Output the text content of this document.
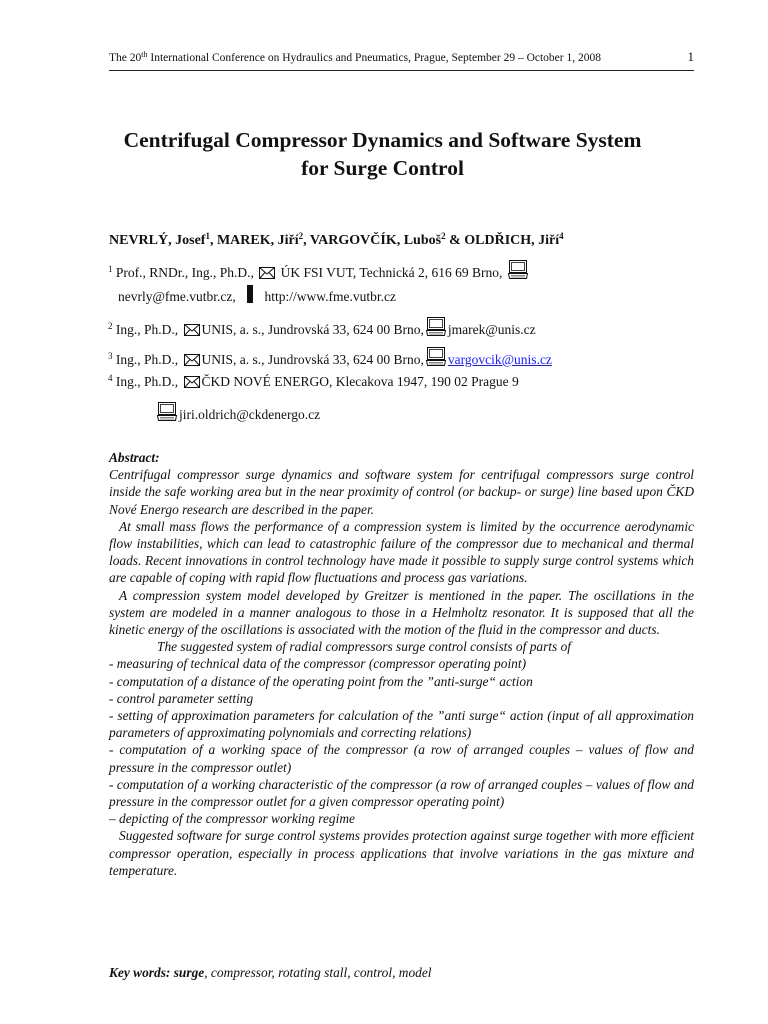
The 20th International Conference on Hydraulics and Pneumatics, Prague, September 29 – October 1, 2008	1
Centrifugal Compressor Dynamics and Software System
for Surge Control
NEVRLÝ, Josef$^1$, MAREK, Jiří$^2$, VARGOVČÍK, Luboš$^2$ & OLDŘICH, Jiří$^4$
$^1$ Prof., RNDr., Ing., Ph.D., ÚK FSI VUT, Technická 2, 616 69 Brno,
nevrly@fme.vutbr.cz, http://www.fme.vutbr.cz
$^2$ Ing., Ph.D., UNIS, a. s., Jundrovská 33, 624 00 Brno, jmarek@unis.cz
$^3$ Ing., Ph.D., UNIS, a. s., Jundrovská 33, 624 00 Brno, vargovcik@unis.cz
$^4$ Ing., Ph.D., ČKD NOVÉ ENERGO, Klecakova 1947, 190 02 Prague 9
jiri.oldrich@ckdenergo.cz

Abstract:

Centrifugal compressor surge dynamics and software system for centrifugal compressors surge control inside the safe working area but in the near proximity of control (or backup- or surge) line based upon ČKD Nové Energo research are described in the paper.

At small mass flows the performance of a compression system is limited by the occurrence aerodynamic flow instabilities, which can lead to catastrophic failure of the compressor due to mechanical and thermal loads. Recent innovations in control technology have made it possible to supply surge control systems which are capable of coping with rapid flow fluctuations and process gas variations.

A compression system model developed by Greitzer is mentioned in the paper. The oscillations in the system are modeled in a manner analogous to those in a Helmholtz resonator. It is supposed that all the kinetic energy of the oscillations is associated with the motion of the fluid in the compressor and ducts.

The suggested system of radial compressors surge control consists of parts of

- measuring of technical data of the compressor (compressor operating point)

- computation of a distance of the operating point from the ”anti-surge“ action

- control parameter setting

- setting of approximation parameters for calculation of the ”anti surge“ action (input of all approximation parameters of approximating polynomials and correcting relations)

- computation of a working space of the compressor (a row of arranged couples – values of flow and pressure in the compressor outlet)

- computation of a working characteristic of the compressor (a row of arranged couples – values of flow and pressure in the compressor outlet for a given compressor operating point)

– depicting of the compressor working regime

Suggested software for surge control systems provides protection against surge together with more efficient compressor operation, especially in process applications that involve variations in the gas mixture and temperature.

Key words: surge, compressor, rotating stall, control, model
